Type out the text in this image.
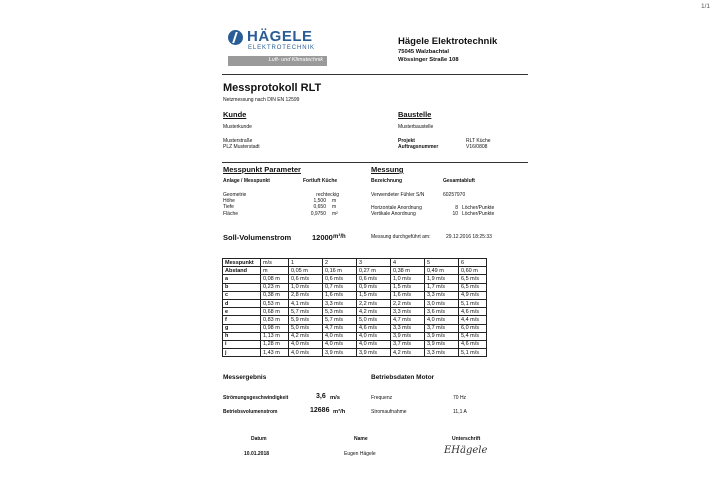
1/1
HÄGELE
ELEKTROTECHNIK
Luft- und Klimatechnik
Hägele Elektrotechnik
75045 Walzbachtal
Wössinger Straße 108
Messprotokoll RLT
Netzmessung nach DIN EN 12599
Kunde
Musterkunde
Musterstraße
PLZ Musterstadt
Baustelle
Musterbaustelle
Projekt	RLT Küche
Auftragsnummer	V16/0808
Messpunkt Parameter
Anlage / Messpunkt	Fortluft Küche
Geometrie	rechteckig
Höhe	1,500 m
Tiefe	0,650 m
Fläche	0,9750 m²
Messung
Bezeichnung	Gesamtabluft
Verwendeter Fühler S/N	60257970
Horizontale Anordnung	8 Löcher/Punkte
Vertikale Anordnung	10 Löcher/Punkte
Soll-Volumenstrom	12000 m³/h	Messung durchgeführt am:	29.12.2016 18:25:33
Messpunkt	m/s	1	2	3	4	5	6
Abstand	m	0,05 m	0,16 m	0,27 m	0,38 m	0,49 m	0,60 m
a	0,08 m	0,6 m/s	0,6 m/s	0,6 m/s	1,0 m/s	1,9 m/s	6,5 m/s
b	0,23 m	1,0 m/s	0,7 m/s	0,9 m/s	1,5 m/s	1,7 m/s	6,5 m/s
c	0,38 m	2,8 m/s	1,6 m/s	1,5 m/s	1,6 m/s	3,3 m/s	4,9 m/s
d	0,53 m	4,1 m/s	3,3 m/s	2,2 m/s	2,2 m/s	3,0 m/s	5,1 m/s
e	0,68 m	5,7 m/s	5,3 m/s	4,2 m/s	3,3 m/s	3,6 m/s	4,6 m/s
f	0,83 m	5,9 m/s	5,7 m/s	5,0 m/s	4,7 m/s	4,0 m/s	4,4 m/s
g	0,98 m	5,0 m/s	4,7 m/s	4,6 m/s	3,3 m/s	3,7 m/s	6,0 m/s
h	1,13 m	4,2 m/s	4,0 m/s	4,0 m/s	3,9 m/s	3,9 m/s	5,4 m/s
i	1,28 m	4,0 m/s	4,0 m/s	4,0 m/s	3,7 m/s	3,9 m/s	4,6 m/s
j	1,43 m	4,0 m/s	3,9 m/s	3,9 m/s	4,2 m/s	3,3 m/s	5,1 m/s
Messergebnis
Strömungsgeschwindigkeit	3,6 m/s
Betriebsvolumenstrom	12686 m³/h
Betriebsdaten Motor
Frequenz	70 Hz
Stromaufnahme	11,1 A
Datum
10.01.2018
Name
Eugen Hägele
Unterschrift
EHägele
